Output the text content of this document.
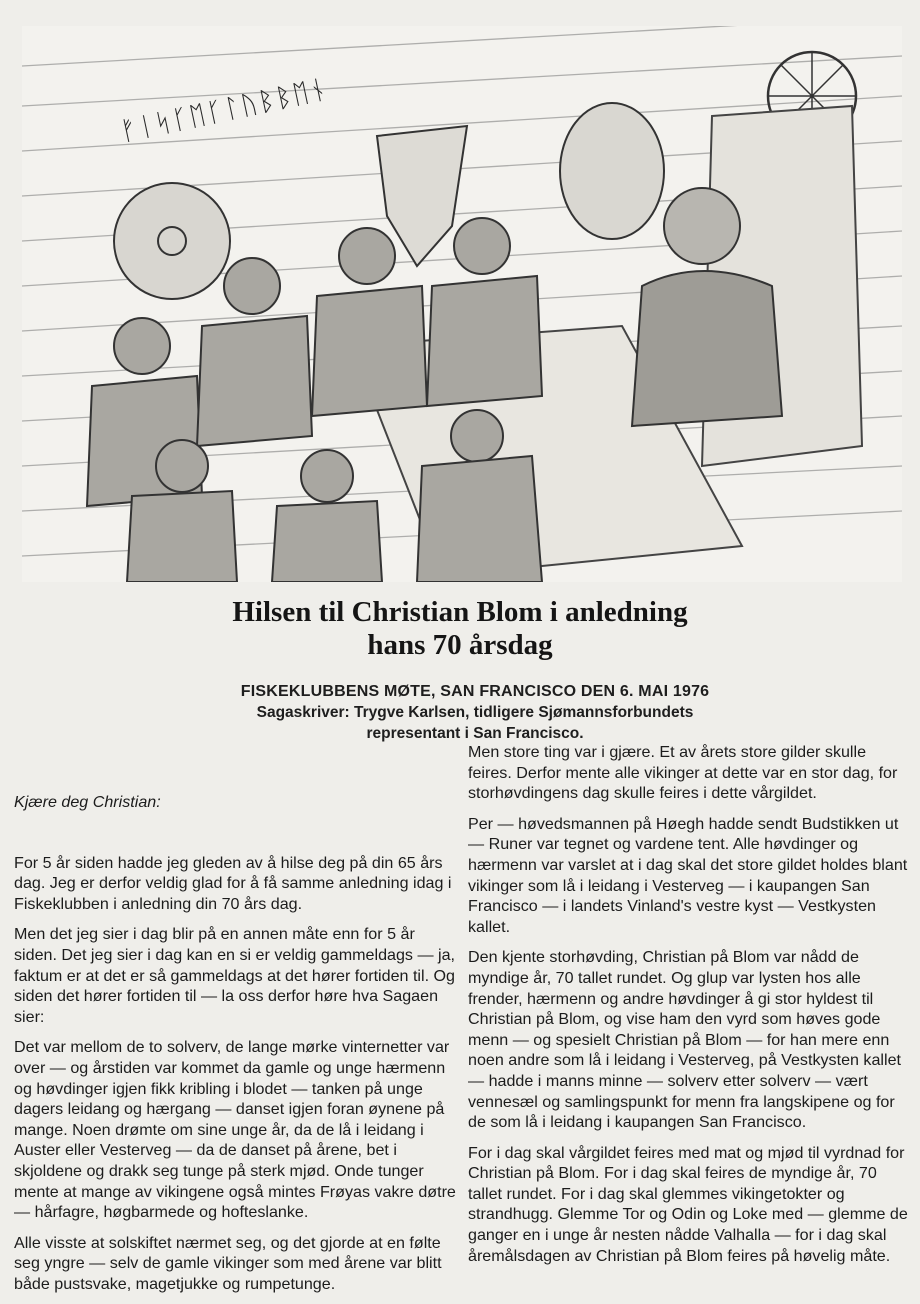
ᚠᛁᛋᚴᛖᚴᛚᚢᛒᛒᛖᚾ
Hilsen til Christian Blom i anledning
hans 70 årsdag
FISKEKLUBBENS MØTE, SAN FRANCISCO DEN 6. MAI 1976
Sagaskriver: Trygve Karlsen, tidligere Sjømannsforbundets
representant i San Francisco.

Kjære deg Christian:

For 5 år siden hadde jeg gleden av å hilse deg på din 65 års dag. Jeg er derfor veldig glad for å få samme anledning idag i Fiskeklubben i anledning din 70 års dag.

Men det jeg sier i dag blir på en annen måte enn for 5 år siden. Det jeg sier i dag kan en si er veldig gammeldags — ja, faktum er at det er så gammeldags at det hører fortiden til. Og siden det hører fortiden til — la oss derfor høre hva Sagaen sier:

Det var mellom de to solverv, de lange mørke vinternetter var over — og årstiden var kommet da gamle og unge hærmenn og høvdinger igjen fikk kribling i blodet — tanken på unge dagers leidang og hærgang — danset igjen foran øynene på mange. Noen drømte om sine unge år, da de lå i leidang i Auster eller Vesterveg — da de danset på årene, bet i skjoldene og drakk seg tunge på sterk mjød. Onde tunger mente at mange av vikingene også mintes Frøyas vakre døtre — hårfagre, høgbarmede og hofteslanke.

Alle visste at solskiftet nærmet seg, og det gjorde at en følte seg yngre — selv de gamle vikinger som med årene var blitt både pustsvake, magetjukke og rumpetunge.

Men store ting var i gjære. Et av årets store gilder skulle feires. Derfor mente alle vikinger at dette var en stor dag, for storhøvdingens dag skulle feires i dette vårgildet.

Per — høvedsmannen på Høegh hadde sendt Budstikken ut — Runer var tegnet og vardene tent. Alle høvdinger og hærmenn var varslet at i dag skal det store gildet holdes blant vikinger som lå i leidang i Vesterveg — i kaupangen San Francisco — i landets Vinland's vestre kyst — Vestkysten kallet.

Den kjente storhøvding, Christian på Blom var nådd de myndige år, 70 tallet rundet. Og glup var lysten hos alle frender, hærmenn og andre høvdinger å gi stor hyldest til Christian på Blom, og vise ham den vyrd som høves gode menn — og spesielt Christian på Blom — for han mere enn noen andre som lå i leidang i Vesterveg, på Vestkysten kallet — hadde i manns minne — solverv etter solverv — vært vennesæl og samlingspunkt for menn fra langskipene og for de som lå i leidang i kaupangen San Francisco.

For i dag skal vårgildet feires med mat og mjød til vyrdnad for Christian på Blom. For i dag skal feires de myndige år, 70 tallet rundet. For i dag skal glemmes vikingetokter og strandhugg. Glemme Tor og Odin og Loke med — glemme de ganger en i unge år nesten nådde Valhalla — for i dag skal åremålsdagen av Christian på Blom feires på høvelig måte.
